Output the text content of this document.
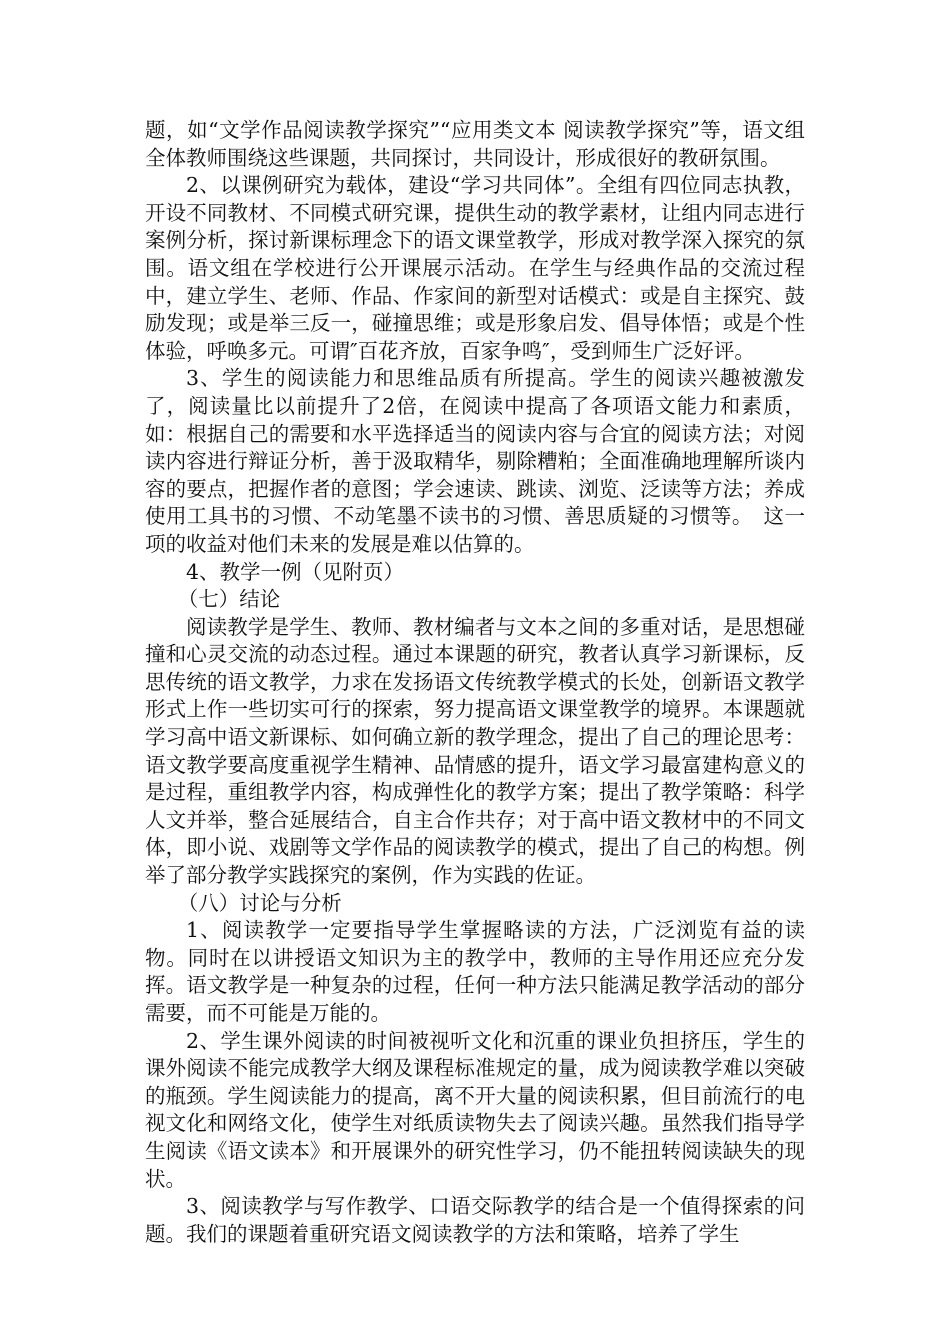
题，如“文学作品阅读教学探究”“应用类文本 阅读教学探究”等，语文组全体教师围绕这些课题，共同探讨，共同设计，形成很好的教研氛围。

2、以课例研究为载体，建设“学习共同体”。全组有四位同志执教，开设不同教材、不同模式研究课，提供生动的教学素材，让组内同志进行案例分析，探讨新课标理念下的语文课堂教学，形成对教学深入探究的氛围。语文组在学校进行公开课展示活动。在学生与经典作品的交流过程中，建立学生、老师、作品、作家间的新型对话模式：或是自主探究、鼓励发现；或是举三反一，碰撞思维；或是形象启发、倡导体悟；或是个性体验，呼唤多元。可谓″百花齐放，百家争鸣″，受到师生广泛好评。

3、学生的阅读能力和思维品质有所提高。学生的阅读兴趣被激发了，阅读量比以前提升了2倍，在阅读中提高了各项语文能力和素质，如：根据自己的需要和水平选择适当的阅读内容与合宜的阅读方法；对阅读内容进行辩证分析，善于汲取精华，剔除糟粕；全面准确地理解所谈内容的要点，把握作者的意图；学会速读、跳读、浏览、泛读等方法；养成使用工具书的习惯、不动笔墨不读书的习惯、善思质疑的习惯等。　这一项的收益对他们未来的发展是难以估算的。

4、教学一例（见附页）

（七）结论

阅读教学是学生、教师、教材编者与文本之间的多重对话，是思想碰撞和心灵交流的动态过程。通过本课题的研究，教者认真学习新课标，反思传统的语文教学，力求在发扬语文传统教学模式的长处，创新语文教学形式上作一些切实可行的探索，努力提高语文课堂教学的境界。本课题就学习高中语文新课标、如何确立新的教学理念，提出了自己的理论思考：语文教学要高度重视学生精神、品情感的提升，语文学习最富建构意义的是过程，重组教学内容，构成弹性化的教学方案；提出了教学策略：科学人文并举，整合延展结合，自主合作共存；对于高中语文教材中的不同文体，即小说、戏剧等文学作品的阅读教学的模式，提出了自己的构想。例举了部分教学实践探究的案例，作为实践的佐证。

（八）讨论与分析

1、阅读教学一定要指导学生掌握略读的方法，广泛浏览有益的读物。同时在以讲授语文知识为主的教学中，教师的主导作用还应充分发挥。语文教学是一种复杂的过程，任何一种方法只能满足教学活动的部分需要，而不可能是万能的。

2、学生课外阅读的时间被视听文化和沉重的课业负担挤压，学生的课外阅读不能完成教学大纲及课程标准规定的量，成为阅读教学难以突破的瓶颈。学生阅读能力的提高，离不开大量的阅读积累，但目前流行的电视文化和网络文化，使学生对纸质读物失去了阅读兴趣。虽然我们指导学生阅读《语文读本》和开展课外的研究性学习，仍不能扭转阅读缺失的现状。

3、阅读教学与写作教学、口语交际教学的结合是一个值得探索的问题。我们的课题着重研究语文阅读教学的方法和策略，培养了学生
